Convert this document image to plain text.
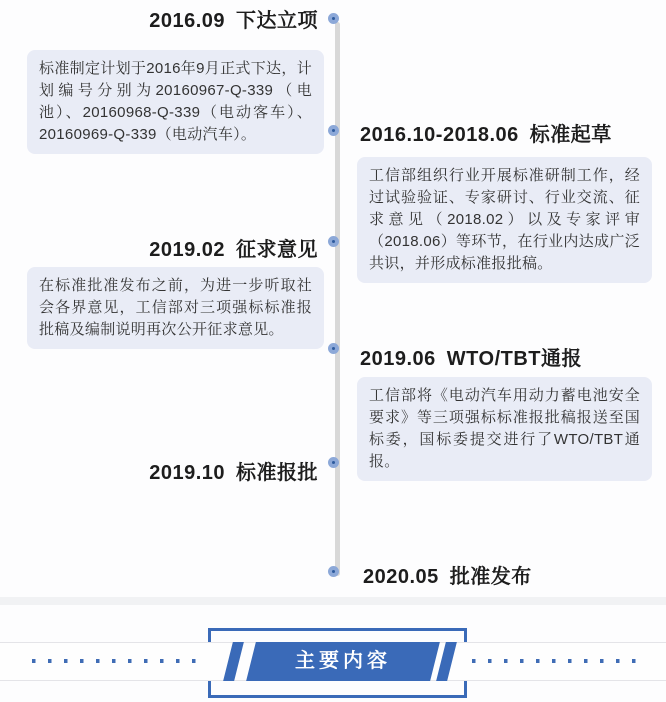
2016.09 下达立项
标准制定计划于2016年9月正式下达，计划编号分别为20160967-Q-339（电池）、20160968-Q-339（电动客车）、20160969-Q-339（电动汽车）。	2016.10-2018.06 标准起草
工信部组织行业开展标准研制工作，经过试验验证、专家研讨、行业交流、征求意见（2018.02）以及专家评审（2018.06）等环节，在行业内达成广泛共识，并形成标准报批稿。
2019.02 征求意见
在标准批准发布之前，为进一步听取社会各界意见，工信部对三项强标标准报批稿及编制说明再次公开征求意见。
2019.06 WTO/TBT通报
工信部将《电动汽车用动力蓄电池安全要求》等三项强标标准报批稿报送至国标委，国标委提交进行了WTO/TBT通报。
2019.10 标准报批
2020.05 批准发布
主要内容
